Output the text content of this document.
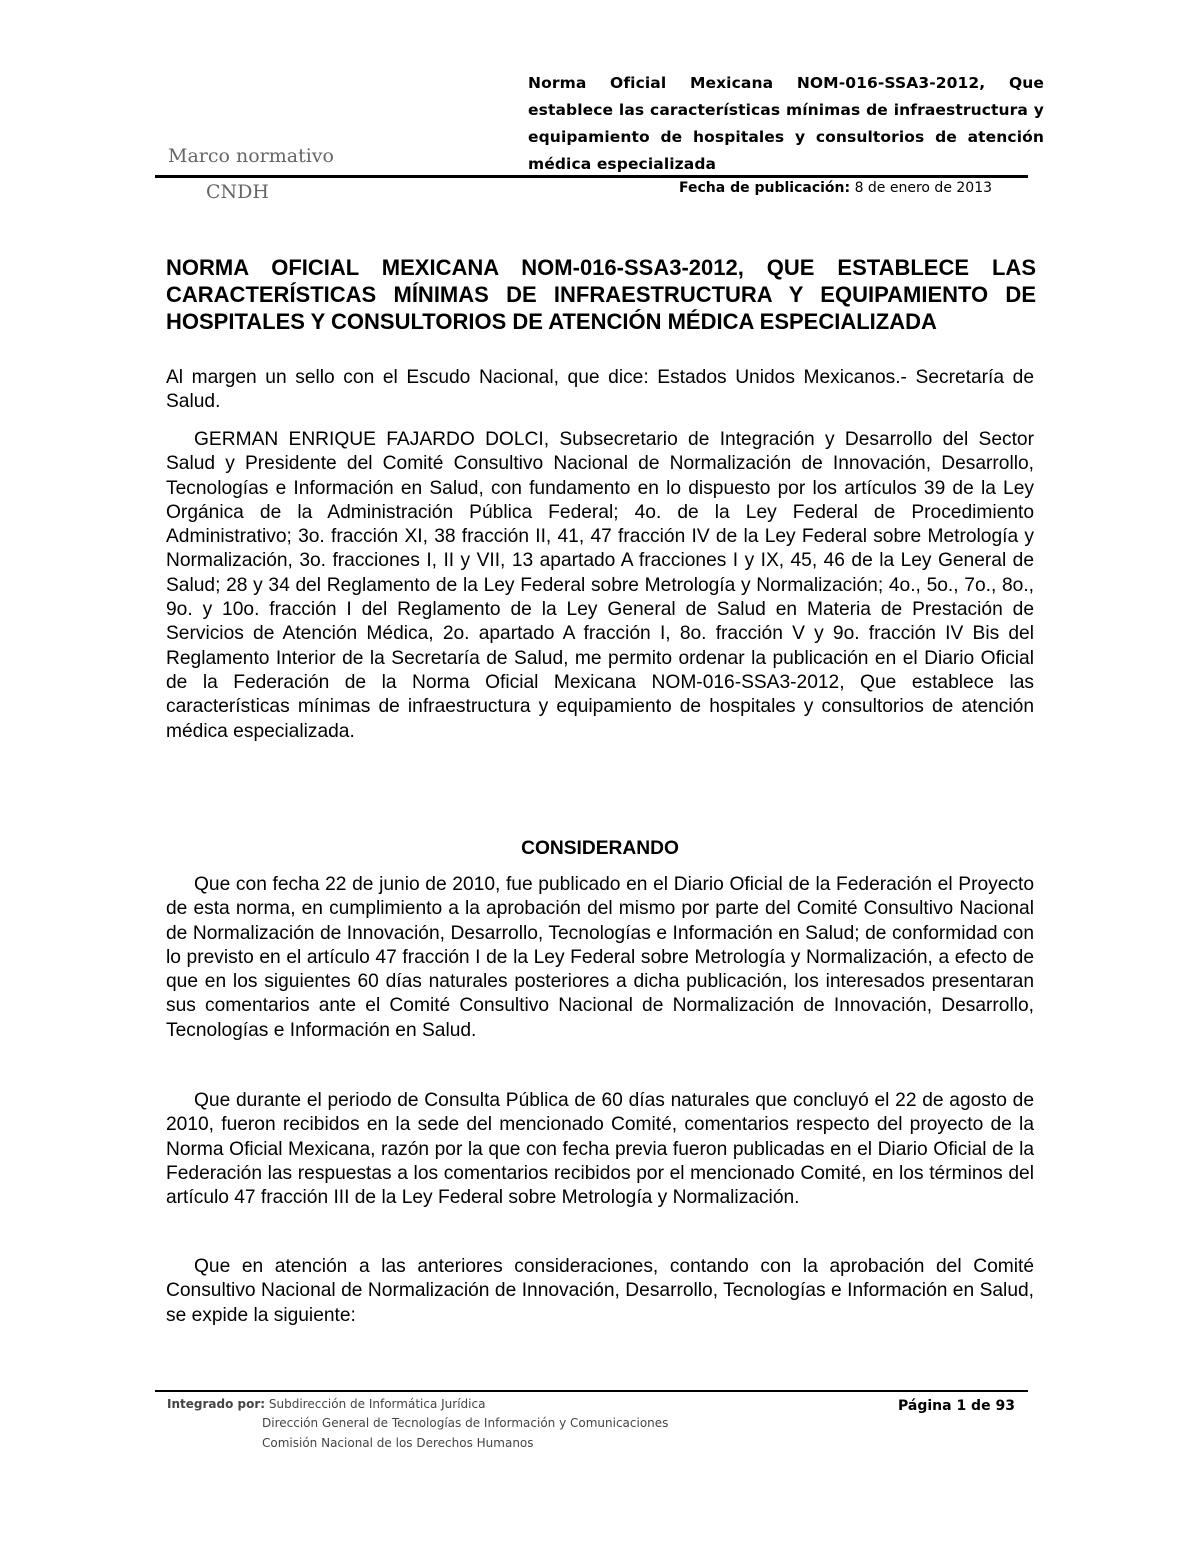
Marco normativo
CNDH
Norma Oficial Mexicana NOM-016-SSA3-2012, Que establece las características mínimas de infraestructura y equipamiento de hospitales y consultorios de atención médica especializada
Fecha de publicación: 8 de enero de 2013
NORMA OFICIAL MEXICANA NOM-016-SSA3-2012, QUE ESTABLECE LAS CARACTERÍSTICAS MÍNIMAS DE INFRAESTRUCTURA Y EQUIPAMIENTO DE HOSPITALES Y CONSULTORIOS DE ATENCIÓN MÉDICA ESPECIALIZADA

Al margen un sello con el Escudo Nacional, que dice: Estados Unidos Mexicanos.- Secretaría de Salud.

GERMAN ENRIQUE FAJARDO DOLCI, Subsecretario de Integración y Desarrollo del Sector Salud y Presidente del Comité Consultivo Nacional de Normalización de Innovación, Desarrollo, Tecnologías e Información en Salud, con fundamento en lo dispuesto por los artículos 39 de la Ley Orgánica de la Administración Pública Federal; 4o. de la Ley Federal de Procedimiento Administrativo; 3o. fracción XI, 38 fracción II, 41, 47 fracción IV de la Ley Federal sobre Metrología y Normalización, 3o. fracciones I, II y VII, 13 apartado A fracciones I y IX, 45, 46 de la Ley General de Salud; 28 y 34 del Reglamento de la Ley Federal sobre Metrología y Normalización; 4o., 5o., 7o., 8o., 9o. y 10o. fracción I del Reglamento de la Ley General de Salud en Materia de Prestación de Servicios de Atención Médica, 2o. apartado A fracción I, 8o. fracción V y 9o. fracción IV Bis del Reglamento Interior de la Secretaría de Salud, me permito ordenar la publicación en el Diario Oficial de la Federación de la Norma Oficial Mexicana NOM-016-SSA3-2012, Que establece las características mínimas de infraestructura y equipamiento de hospitales y consultorios de atención médica especializada.

CONSIDERANDO

Que con fecha 22 de junio de 2010, fue publicado en el Diario Oficial de la Federación el Proyecto de esta norma, en cumplimiento a la aprobación del mismo por parte del Comité Consultivo Nacional de Normalización de Innovación, Desarrollo, Tecnologías e Información en Salud; de conformidad con lo previsto en el artículo 47 fracción I de la Ley Federal sobre Metrología y Normalización, a efecto de que en los siguientes 60 días naturales posteriores a dicha publicación, los interesados presentaran sus comentarios ante el Comité Consultivo Nacional de Normalización de Innovación, Desarrollo, Tecnologías e Información en Salud.

Que durante el periodo de Consulta Pública de 60 días naturales que concluyó el 22 de agosto de 2010, fueron recibidos en la sede del mencionado Comité, comentarios respecto del proyecto de la Norma Oficial Mexicana, razón por la que con fecha previa fueron publicadas en el Diario Oficial de la Federación las respuestas a los comentarios recibidos por el mencionado Comité, en los términos del artículo 47 fracción III de la Ley Federal sobre Metrología y Normalización.

Que en atención a las anteriores consideraciones, contando con la aprobación del Comité Consultivo Nacional de Normalización de Innovación, Desarrollo, Tecnologías e Información en Salud, se expide la siguiente:

Integrado por: Subdirección de Informática Jurídica
Dirección General de Tecnologías de Información y Comunicaciones
Comisión Nacional de los Derechos Humanos
Página 1 de 93
